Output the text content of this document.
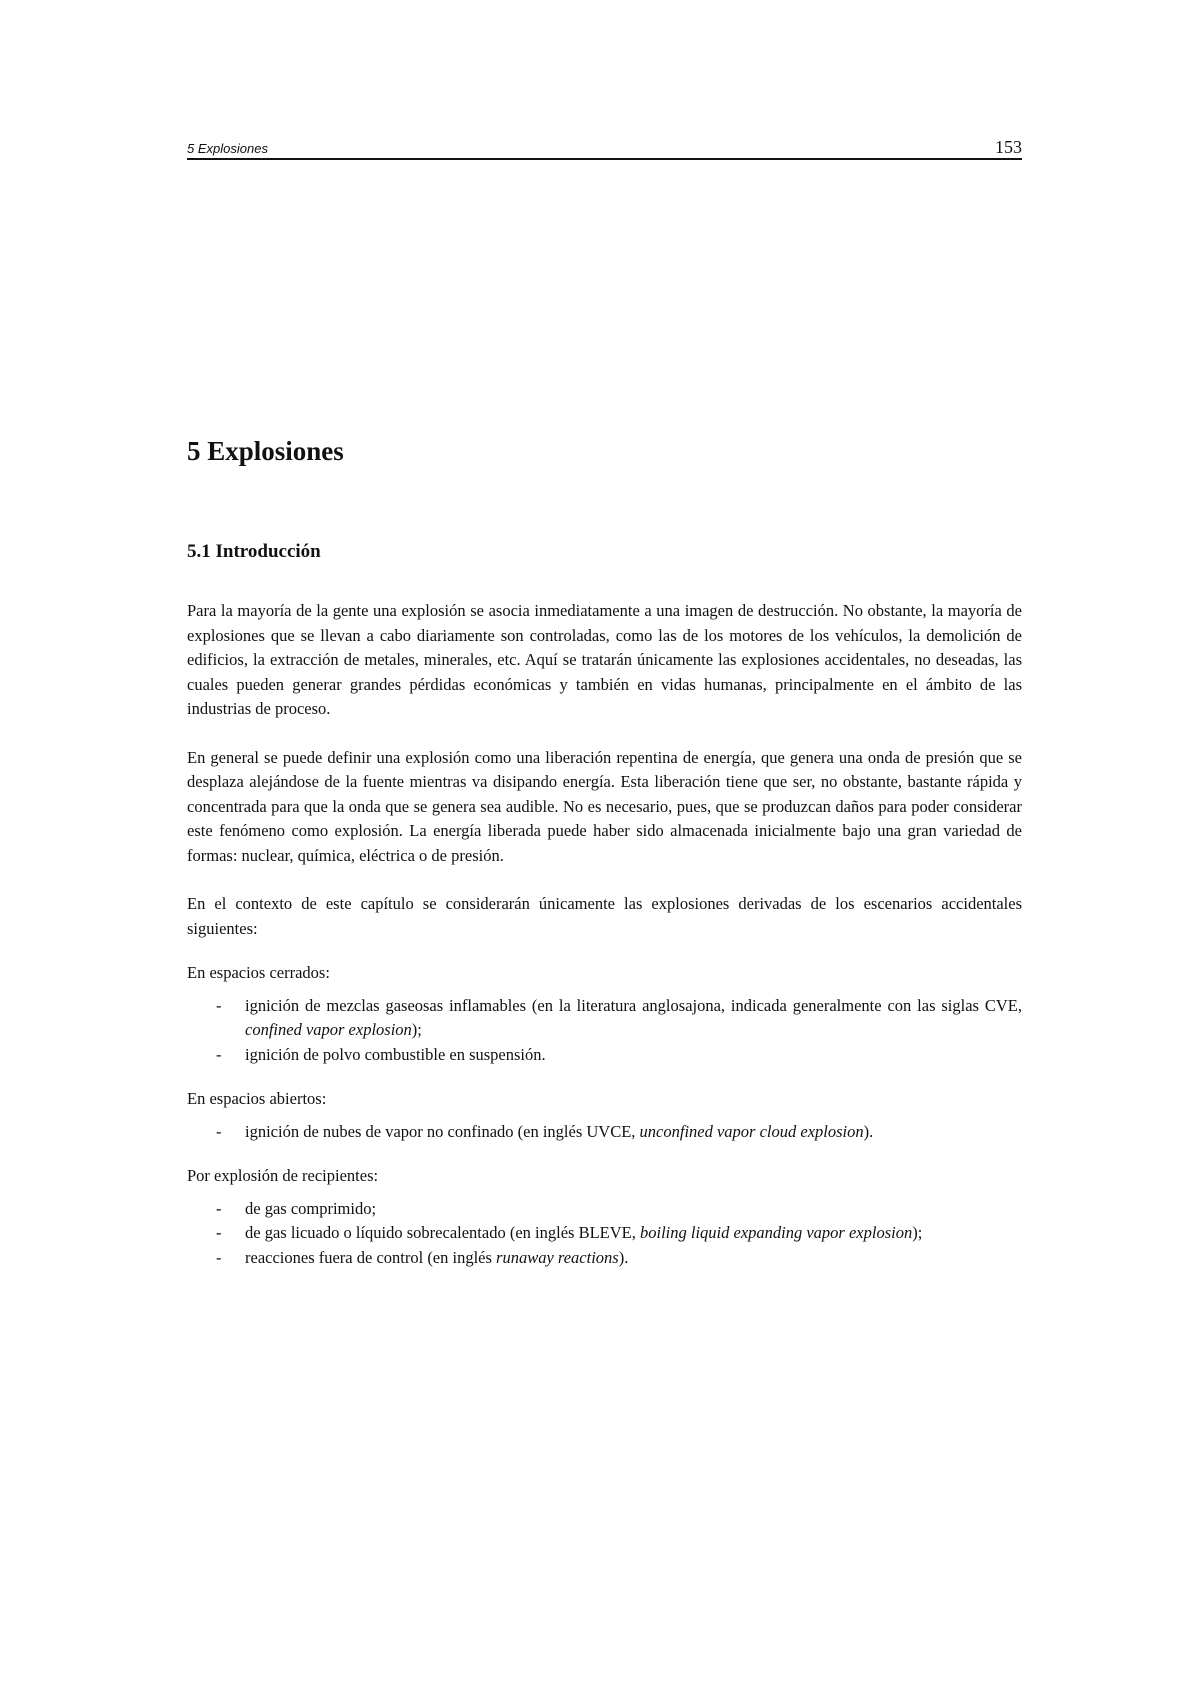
5 Explosiones	153
5 Explosiones
5.1 Introducción

Para la mayoría de la gente una explosión se asocia inmediatamente a una imagen de destrucción. No obstante, la mayoría de explosiones que se llevan a cabo diariamente son controladas, como las de los motores de los vehículos, la demolición de edificios, la extracción de metales, minerales, etc. Aquí se tratarán únicamente las explosiones accidentales, no deseadas, las cuales pueden generar grandes pérdidas económicas y también en vidas humanas, principalmente en el ámbito de las industrias de proceso.

En general se puede definir una explosión como una liberación repentina de energía, que genera una onda de presión que se desplaza alejándose de la fuente mientras va disipando energía. Esta liberación tiene que ser, no obstante, bastante rápida y concentrada para que la onda que se genera sea audible. No es necesario, pues, que se produzcan daños para poder considerar este fenómeno como explosión. La energía liberada puede haber sido almacenada inicialmente bajo una gran variedad de formas: nuclear, química, eléctrica o de presión.

En el contexto de este capítulo se considerarán únicamente las explosiones derivadas de los escenarios accidentales siguientes:

En espacios cerrados:

- ignición de mezclas gaseosas inflamables (en la literatura anglosajona, indicada generalmente con las siglas CVE, confined vapor explosion);
- ignición de polvo combustible en suspensión.

En espacios abiertos:

- ignición de nubes de vapor no confinado (en inglés UVCE, unconfined vapor cloud explosion).

Por explosión de recipientes:

- de gas comprimido;
- de gas licuado o líquido sobrecalentado (en inglés BLEVE, boiling liquid expanding vapor explosion);
- reacciones fuera de control (en inglés runaway reactions).
